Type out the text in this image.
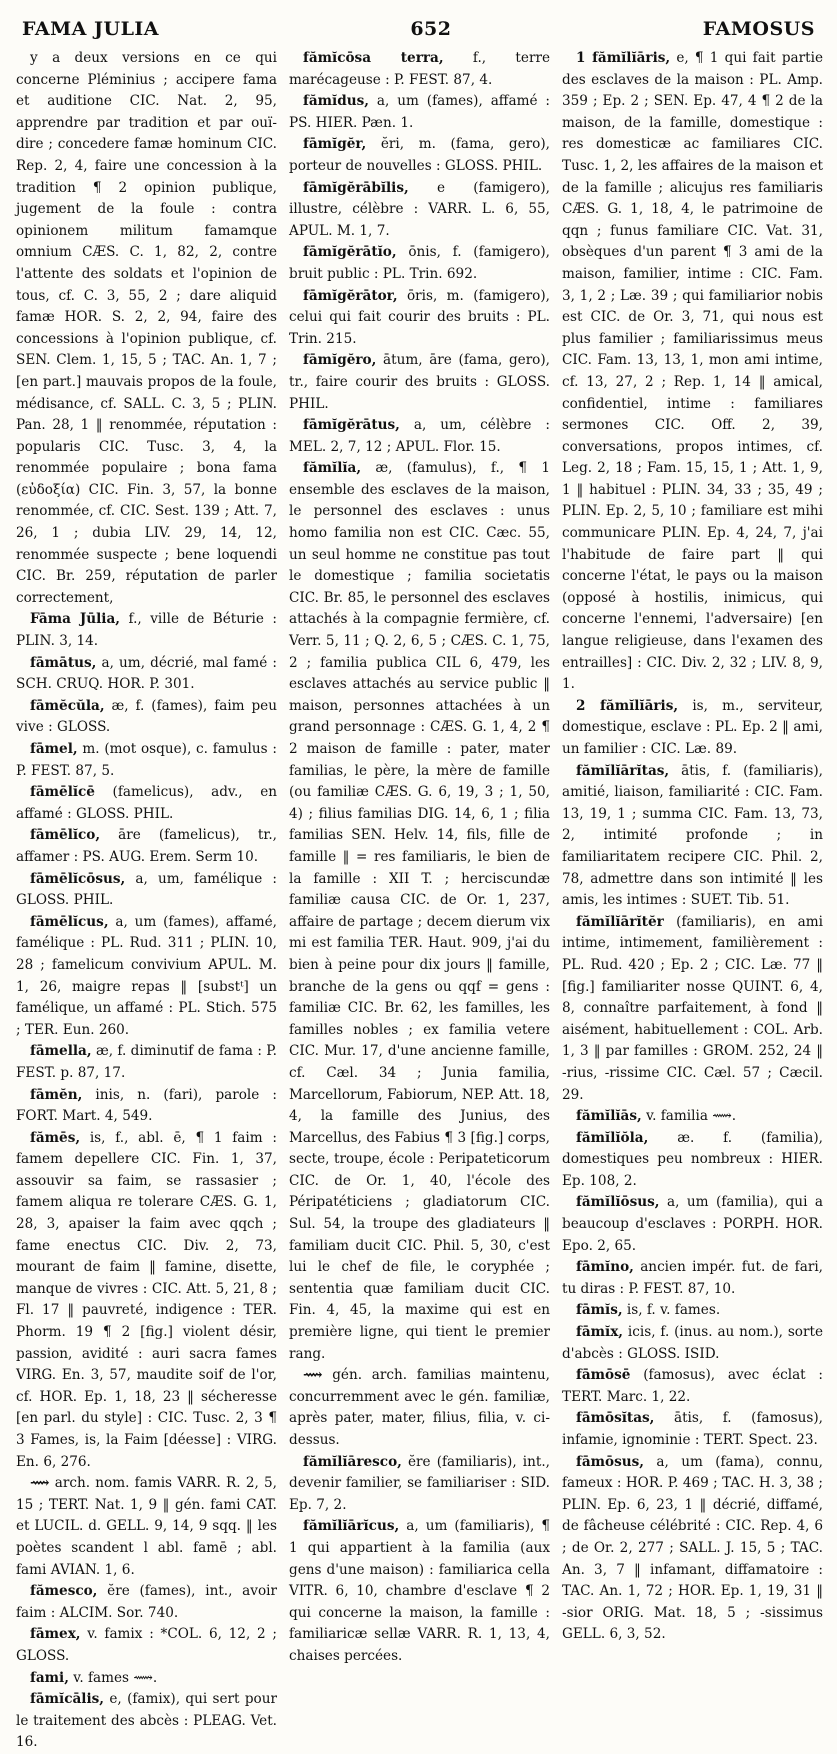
FAMA JULIA	652	FAMOSUS

y a deux versions en ce qui concerne Pléminius ; accipere fama et auditione CIC. Nat. 2, 95, apprendre par tradition et par ouï-dire ; concedere famæ hominum CIC. Rep. 2, 4, faire une concession à la tradition ¶ 2 opinion publique, jugement de la foule : contra opinionem militum famamque omnium CÆS. C. 1, 82, 2, contre l'attente des soldats et l'opinion de tous, cf. C. 3, 55, 2 ; dare aliquid famæ HOR. S. 2, 2, 94, faire des concessions à l'opinion publique, cf. SEN. Clem. 1, 15, 5 ; TAC. An. 1, 7 ; [en part.] mauvais propos de la foule, médisance, cf. SALL. C. 3, 5 ; PLIN. Pan. 28, 1 ‖ renommée, réputation : popularis CIC. Tusc. 3, 4, la renommée populaire ; bona fama (εὐδοξία) CIC. Fin. 3, 57, la bonne renommée, cf. CIC. Sest. 139 ; Att. 7, 26, 1 ; dubia LIV. 29, 14, 12, renommée suspecte ; bene loquendi CIC. Br. 259, réputation de parler correctement,

Fāma Jūlia, f., ville de Béturie : PLIN. 3, 14.

fāmātus, a, um, décrié, mal famé : SCH. CRUQ. HOR. P. 301.

fāmĕcŭla, æ, f. (fames), faim peu vive : GLOSS.

fāmel, m. (mot osque), c. famulus : P. FEST. 87, 5.

fāmēlĭcē (famelicus), adv., en affamé : GLOSS. PHIL.

fāmēlĭco, āre (famelicus), tr., affamer : PS. AUG. Erem. Serm 10.

fāmēlĭcōsus, a, um, famélique : GLOSS. PHIL.

fāmēlĭcus, a, um (fames), affamé, famélique : PL. Rud. 311 ; PLIN. 10, 28 ; famelicum convivium APUL. M. 1, 26, maigre repas ‖ [substᵗ] un famélique, un affamé : PL. Stich. 575 ; TER. Eun. 260.

fāmella, æ, f. diminutif de fama : P. FEST. p. 87, 17.

fāmĕn, inis, n. (fari), parole : FORT. Mart. 4, 549.

fămēs, is, f., abl. ē, ¶ 1 faim : famem depellere CIC. Fin. 1, 37, assouvir sa faim, se rassasier ; famem aliqua re tolerare CÆS. G. 1, 28, 3, apaiser la faim avec qqch ; fame enectus CIC. Div. 2, 73, mourant de faim ‖ famine, disette, manque de vivres : CIC. Att. 5, 21, 8 ; Fl. 17 ‖ pauvreté, indigence : TER. Phorm. 19 ¶ 2 [fig.] violent désir, passion, avidité : auri sacra fames VIRG. En. 3, 57, maudite soif de l'or, cf. HOR. Ep. 1, 18, 23 ‖ sécheresse [en parl. du style] : CIC. Tusc. 2, 3 ¶ 3 Fames, is, la Faim [déesse] : VIRG. En. 6, 276.

⟿ arch. nom. famis VARR. R. 2, 5, 15 ; TERT. Nat. 1, 9 ‖ gén. fami CAT. et LUCIL. d. GELL. 9, 14, 9 sqq. ‖ les poètes scandent l abl. famē ; abl. fami AVIAN. 1, 6.

fămesco, ĕre (fames), int., avoir faim : ALCIM. Sor. 740.

fāmex, v. famix : *COL. 6, 12, 2 ; GLOSS.

fami, v. fames ⟿.

fāmĭcālis, e, (famix), qui sert pour le traitement des abcès : PLEAG. Vet. 16.

fămĭcōsa terra, f., terre marécageuse : P. FEST. 87, 4.

fămĭdus, a, um (fames), affamé : PS. HIER. Pæn. 1.

fāmĭgĕr, ĕri, m. (fama, gero), porteur de nouvelles : GLOSS. PHIL.

fāmĭgĕrābĭlis, e (famigero), illustre, célèbre : VARR. L. 6, 55, APUL. M. 1, 7.

fāmĭgĕrātĭo, ōnis, f. (famigero), bruit public : PL. Trin. 692.

fāmĭgĕrātor, ōris, m. (famigero), celui qui fait courir des bruits : PL. Trin. 215.

fāmĭgĕro, ātum, āre (fama, gero), tr., faire courir des bruits : GLOSS. PHIL.

fāmĭgĕrātus, a, um, célèbre : MEL. 2, 7, 12 ; APUL. Flor. 15.

fămĭlĭa, æ, (famulus), f., ¶ 1 ensemble des esclaves de la maison, le personnel des esclaves : unus homo familia non est CIC. Cæc. 55, un seul homme ne constitue pas tout le domestique ; familia societatis CIC. Br. 85, le personnel des esclaves attachés à la compagnie fermière, cf. Verr. 5, 11 ; Q. 2, 6, 5 ; CÆS. C. 1, 75, 2 ; familia publica CIL 6, 479, les esclaves attachés au service public ‖ maison, personnes attachées à un grand personnage : CÆS. G. 1, 4, 2 ¶ 2 maison de famille : pater, mater familias, le père, la mère de famille (ou familiæ CÆS. G. 6, 19, 3 ; 1, 50, 4) ; filius familias DIG. 14, 6, 1 ; filia familias SEN. Helv. 14, fils, fille de famille ‖ = res familiaris, le bien de la famille : XII T. ; herciscundæ familiæ causa CIC. de Or. 1, 237, affaire de partage ; decem dierum vix mi est familia TER. Haut. 909, j'ai du bien à peine pour dix jours ‖ famille, branche de la gens ou qqf = gens : familiæ CIC. Br. 62, les familles, les familles nobles ; ex familia vetere CIC. Mur. 17, d'une ancienne famille, cf. Cæl. 34 ; Junia familia, Marcellorum, Fabiorum, NEP. Att. 18, 4, la famille des Junius, des Marcellus, des Fabius ¶ 3 [fig.] corps, secte, troupe, école : Peripateticorum CIC. de Or. 1, 40, l'école des Péripatéticiens ; gladiatorum CIC. Sul. 54, la troupe des gladiateurs ‖ familiam ducit CIC. Phil. 5, 30, c'est lui le chef de file, le coryphée ; sententia quæ familiam ducit CIC. Fin. 4, 45, la maxime qui est en première ligne, qui tient le premier rang.

⟿ gén. arch. familias maintenu, concurremment avec le gén. familiæ, après pater, mater, filius, filia, v. ci-dessus.

fămĭlĭāresco, ĕre (familiaris), int., devenir familier, se familiariser : SID. Ep. 7, 2.

fămĭlĭārĭcus, a, um (familiaris), ¶ 1 qui appartient à la familia (aux gens d'une maison) : familiarica cella VITR. 6, 10, chambre d'esclave ¶ 2 qui concerne la maison, la famille : familiaricæ sellæ VARR. R. 1, 13, 4, chaises percées.

1 fămĭlĭāris, e, ¶ 1 qui fait partie des esclaves de la maison : PL. Amp. 359 ; Ep. 2 ; SEN. Ep. 47, 4 ¶ 2 de la maison, de la famille, domestique : res domesticæ ac familiares CIC. Tusc. 1, 2, les affaires de la maison et de la famille ; alicujus res familiaris CÆS. G. 1, 18, 4, le patrimoine de qqn ; funus familiare CIC. Vat. 31, obsèques d'un parent ¶ 3 ami de la maison, familier, intime : CIC. Fam. 3, 1, 2 ; Læ. 39 ; qui familiarior nobis est CIC. de Or. 3, 71, qui nous est plus familier ; familiarissimus meus CIC. Fam. 13, 13, 1, mon ami intime, cf. 13, 27, 2 ; Rep. 1, 14 ‖ amical, confidentiel, intime : familiares sermones CIC. Off. 2, 39, conversations, propos intimes, cf. Leg. 2, 18 ; Fam. 15, 15, 1 ; Att. 1, 9, 1 ‖ habituel : PLIN. 34, 33 ; 35, 49 ; PLIN. Ep. 2, 5, 10 ; familiare est mihi communicare PLIN. Ep. 4, 24, 7, j'ai l'habitude de faire part ‖ qui concerne l'état, le pays ou la maison (opposé à hostilis, inimicus, qui concerne l'ennemi, l'adversaire) [en langue religieuse, dans l'examen des entrailles] : CIC. Div. 2, 32 ; LIV. 8, 9, 1.

2 fămĭlĭāris, is, m., serviteur, domestique, esclave : PL. Ep. 2 ‖ ami, un familier : CIC. Læ. 89.

fămĭlĭārĭtas, ātis, f. (familiaris), amitié, liaison, familiarité : CIC. Fam. 13, 19, 1 ; summa CIC. Fam. 13, 73, 2, intimité profonde ; in familiaritatem recipere CIC. Phil. 2, 78, admettre dans son intimité ‖ les amis, les intimes : SUET. Tib. 51.

fămĭlĭārĭtĕr (familiaris), en ami intime, intimement, familièrement : PL. Rud. 420 ; Ep. 2 ; CIC. Læ. 77 ‖ [fig.] familiariter nosse QUINT. 6, 4, 8, connaître parfaitement, à fond ‖ aisément, habituellement : COL. Arb. 1, 3 ‖ par familles : GROM. 252, 24 ‖ -rius, -rissime CIC. Cæl. 57 ; Cæcil. 29.

fămĭlĭās, v. familia ⟿.

fămĭlĭŏla, æ. f. (familia), domestiques peu nombreux : HIER. Ep. 108, 2.

fămĭlĭōsus, a, um (familia), qui a beaucoup d'esclaves : PORPH. HOR. Epo. 2, 65.

fāmĭno, ancien impér. fut. de fari, tu diras : P. FEST. 87, 10.

fāmĭs, is, f. v. fames.

fāmĭx, icis, f. (inus. au nom.), sorte d'abcès : GLOSS. ISID.

fāmōsē (famosus), avec éclat : TERT. Marc. 1, 22.

fāmōsĭtas, ātis, f. (famosus), infamie, ignominie : TERT. Spect. 23.

fāmōsus, a, um (fama), connu, fameux : HOR. P. 469 ; TAC. H. 3, 38 ; PLIN. Ep. 6, 23, 1 ‖ décrié, diffamé, de fâcheuse célébrité : CIC. Rep. 4, 6 ; de Or. 2, 277 ; SALL. J. 15, 5 ; TAC. An. 3, 7 ‖ infamant, diffamatoire : TAC. An. 1, 72 ; HOR. Ep. 1, 19, 31 ‖ -sior ORIG. Mat. 18, 5 ; -sissimus GELL. 6, 3, 52.
